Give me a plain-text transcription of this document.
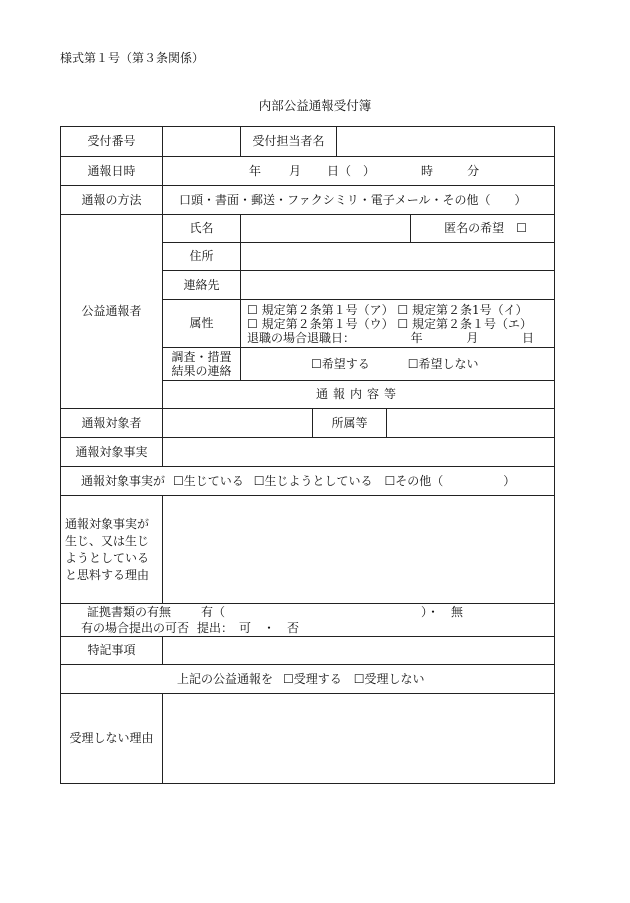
様式第１号（第３条関係）
内部公益通報受付簿
受付番号		受付担当者名				
通報日時	年 月 日（　） 時 分					

通報の方法	口頭・書面・郵送・ファクシミリ・電子メール・その他（　　）					
公益通報者	氏名					匿名の希望　☐
	住所					
	連絡先					
	属性	☐ 規定第２条第１号（ア） ☐ 規定第２条1号（イ）
☐ 規定第２条第１号（ウ） ☐ 規定第２条１号（エ）
退職の場合退職日： 年 月 日				

	調査・措置
結果の連絡	☐希望する ☐希望しない				

	通報内容等					
通報対象者			所属等			
通報対象事実						

通報対象事実が ☐生じている ☐生じようとしている ☐その他（　　　　　）						

通報対象事実が
生じ、又は生じ
ようとしている
と思料する理由						

証拠書類の有無 有（ ）・　無
有の場合提出の可否 提出：　可　・　否						

特記事項						

上記の公益通報を ☐受理する ☐受理しない						

受理しない理由						
